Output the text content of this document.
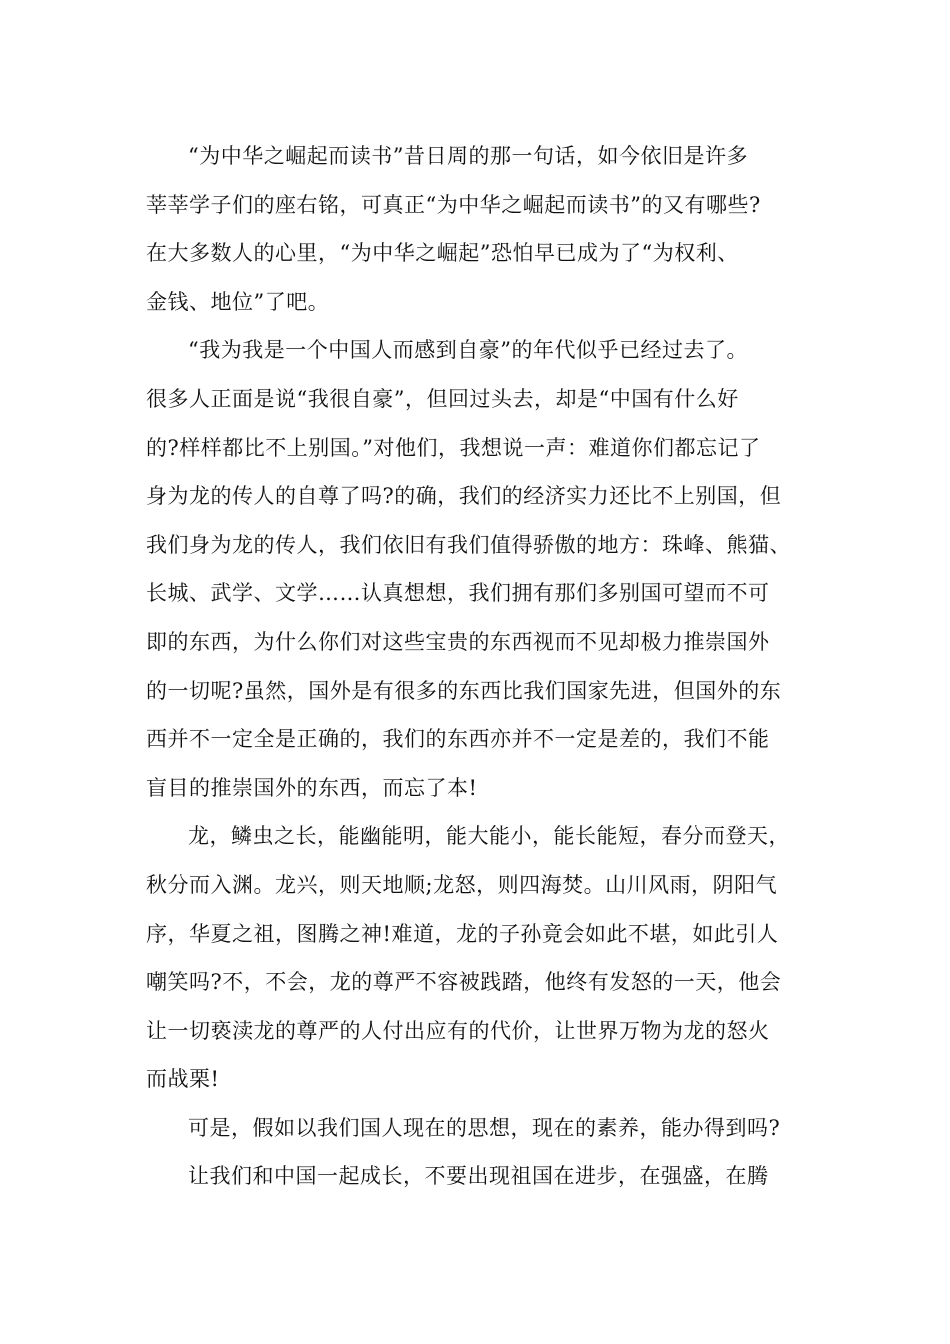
“为中华之崛起而读书”昔日周的那一句话，如今依旧是许多
莘莘学子们的座右铭，可真正“为中华之崛起而读书”的又有哪些?
在大多数人的心里，“为中华之崛起”恐怕早已成为了“为权利、
金钱、地位”了吧。
“我为我是一个中国人而感到自豪”的年代似乎已经过去了。
很多人正面是说“我很自豪”，但回过头去，却是“中国有什么好
的?样样都比不上别国。”对他们，我想说一声：难道你们都忘记了
身为龙的传人的自尊了吗?的确，我们的经济实力还比不上别国，但
我们身为龙的传人，我们依旧有我们值得骄傲的地方：珠峰、熊猫、
长城、武学、文学……认真想想，我们拥有那们多别国可望而不可
即的东西，为什么你们对这些宝贵的东西视而不见却极力推崇国外
的一切呢?虽然，国外是有很多的东西比我们国家先进，但国外的东
西并不一定全是正确的，我们的东西亦并不一定是差的，我们不能
盲目的推崇国外的东西，而忘了本!
龙，鳞虫之长，能幽能明，能大能小，能长能短，春分而登天，
秋分而入渊。龙兴，则天地顺;龙怒，则四海焚。山川风雨，阴阳气
序，华夏之祖，图腾之神!难道，龙的子孙竟会如此不堪，如此引人
嘲笑吗?不，不会，龙的尊严不容被践踏，他终有发怒的一天，他会
让一切亵渎龙的尊严的人付出应有的代价，让世界万物为龙的怒火
而战栗!
可是，假如以我们国人现在的思想，现在的素养，能办得到吗?
让我们和中国一起成长，不要出现祖国在进步，在强盛，在腾
